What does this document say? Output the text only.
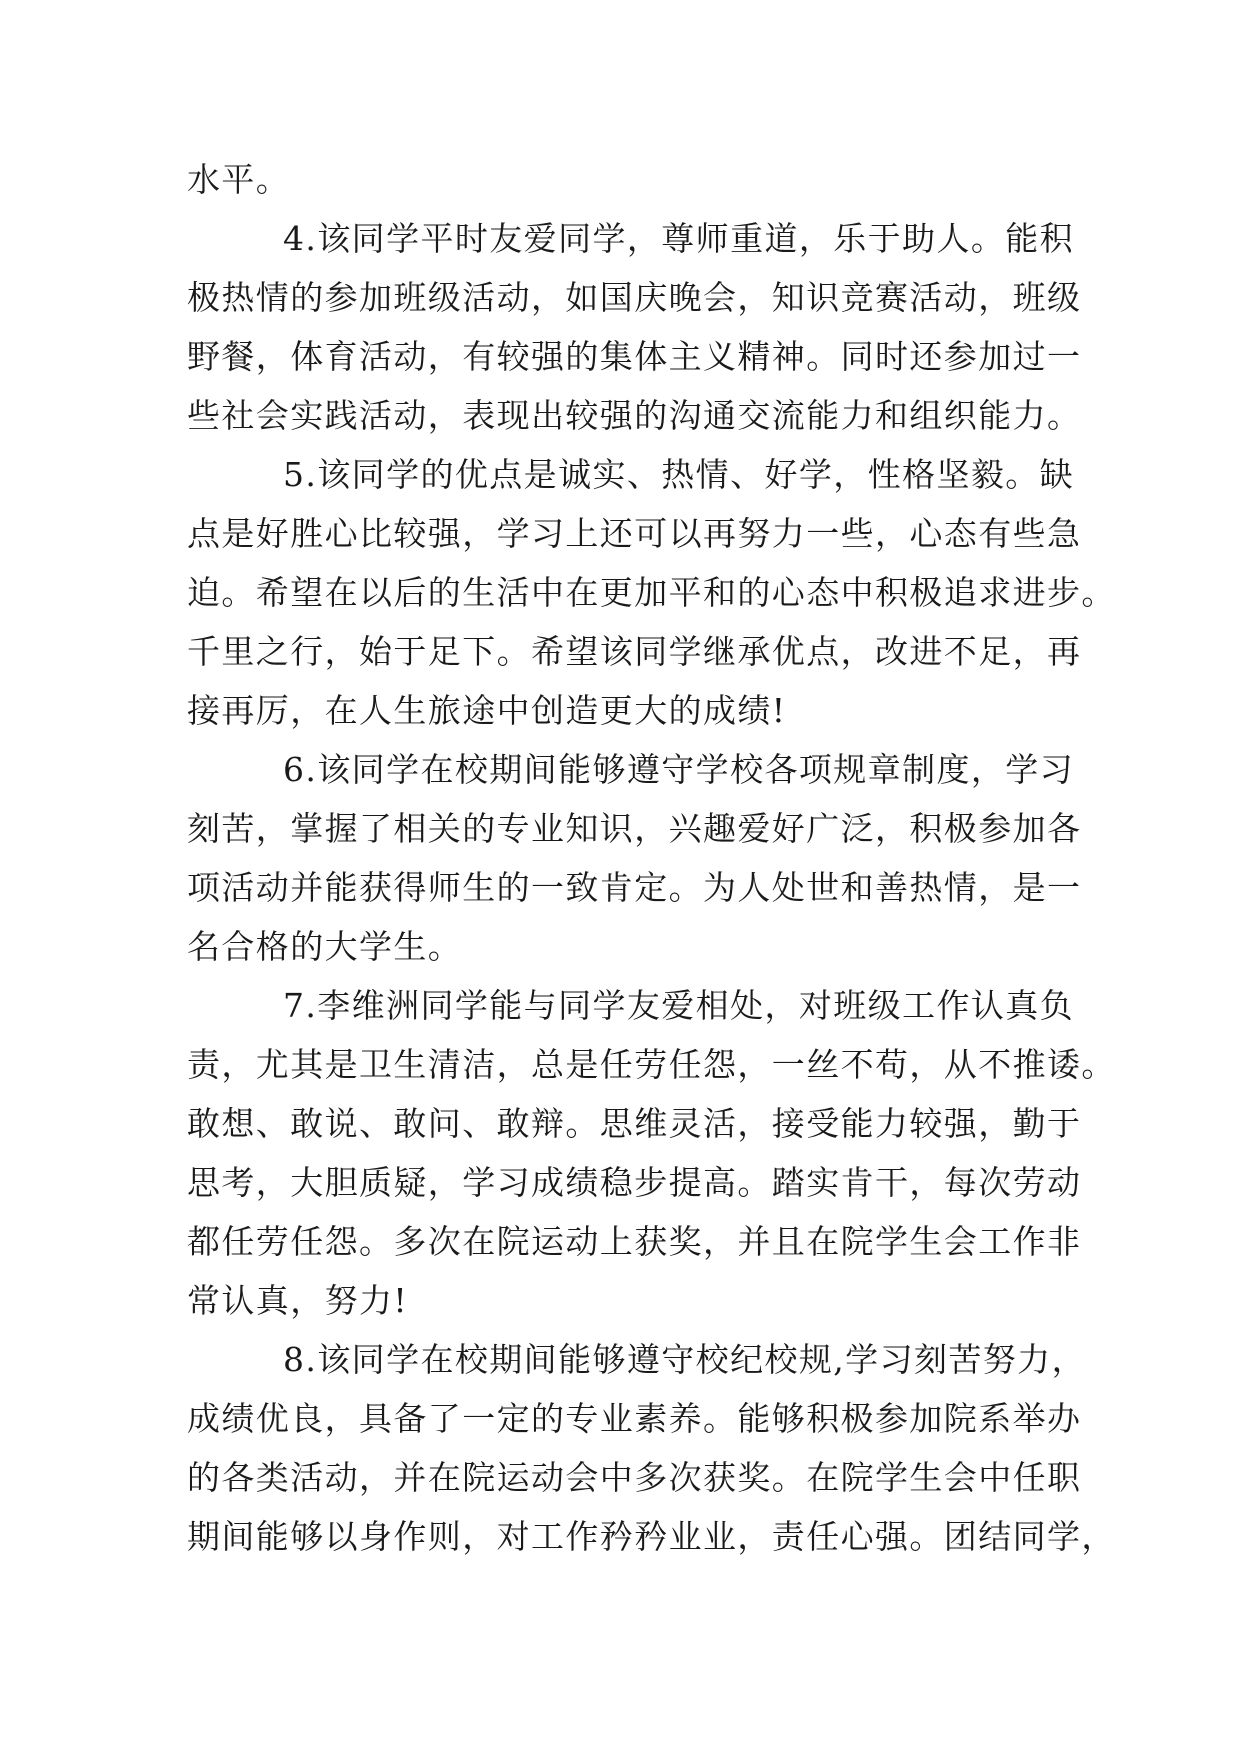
水平。
4.该同学平时友爱同学，尊师重道，乐于助人。能积
极热情的参加班级活动，如国庆晚会，知识竞赛活动，班级
野餐，体育活动，有较强的集体主义精神。同时还参加过一
些社会实践活动，表现出较强的沟通交流能力和组织能力。
5.该同学的优点是诚实、热情、好学，性格坚毅。缺
点是好胜心比较强，学习上还可以再努力一些，心态有些急
迫。希望在以后的生活中在更加平和的心态中积极追求进步。
千里之行，始于足下。希望该同学继承优点，改进不足，再
接再厉，在人生旅途中创造更大的成绩!
6.该同学在校期间能够遵守学校各项规章制度，学习
刻苦，掌握了相关的专业知识，兴趣爱好广泛，积极参加各
项活动并能获得师生的一致肯定。为人处世和善热情，是一
名合格的大学生。
7.李维洲同学能与同学友爱相处，对班级工作认真负
责，尤其是卫生清洁，总是任劳任怨，一丝不苟，从不推诿。
敢想、敢说、敢问、敢辩。思维灵活，接受能力较强，勤于
思考，大胆质疑，学习成绩稳步提高。踏实肯干，每次劳动
都任劳任怨。多次在院运动上获奖，并且在院学生会工作非
常认真，努力!
8.该同学在校期间能够遵守校纪校规,学习刻苦努力，
成绩优良，具备了一定的专业素养。能够积极参加院系举办
的各类活动，并在院运动会中多次获奖。在院学生会中任职
期间能够以身作则，对工作矜矜业业，责任心强。团结同学，
